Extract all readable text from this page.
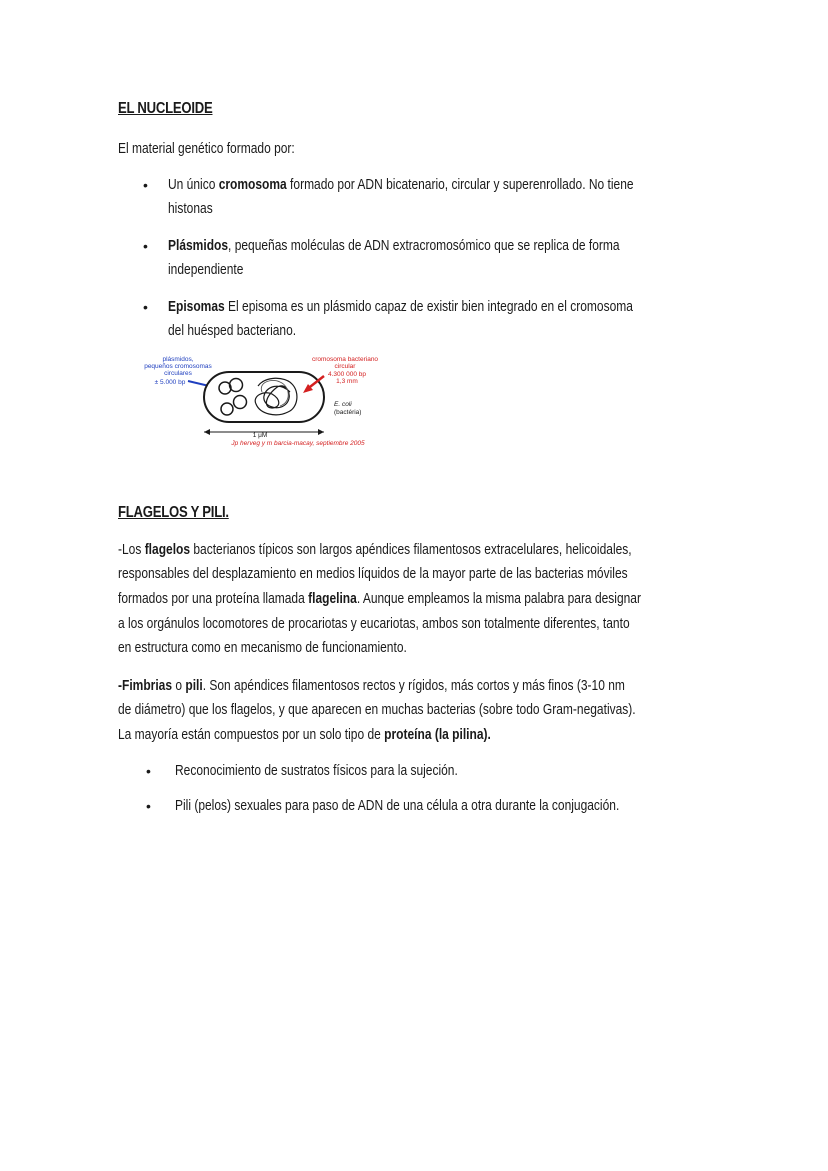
EL NUCLEOIDE
El material genético formado por:
• Un único cromosoma formado por ADN bicatenario, circular y superenrollado. No tiene
histonas
• Plásmidos, pequeñas moléculas de ADN extracromosómico que se replica de forma
independiente
• Episomas El episoma es un plásmido capaz de existir bien integrado en el cromosoma
del huésped bacteriano.
plásmidos,
pequeños cromosomas
circulares
± 5.000 bp
cromosoma bacteriano
circular
4.300 000 bp
1,3 mm
E. coli
(bactéria)
1 μM
Jp herveg y m barcia-macay, septiembre 2005
FLAGELOS Y PILI.
-Los flagelos bacterianos típicos son largos apéndices filamentosos extracelulares, helicoidales,
responsables del desplazamiento en medios líquidos de la mayor parte de las bacterias móviles
formados por una proteína llamada flagelina. Aunque empleamos la misma palabra para designar
a los orgánulos locomotores de procariotas y eucariotas, ambos son totalmente diferentes, tanto
en estructura como en mecanismo de funcionamiento.
-Fimbrias o pili. Son apéndices filamentosos rectos y rígidos, más cortos y más finos (3-10 nm
de diámetro) que los flagelos, y que aparecen en muchas bacterias (sobre todo Gram-negativas).
La mayoría están compuestos por un solo tipo de proteína (la pilina).
• Reconocimiento de sustratos físicos para la sujeción.
• Pili (pelos) sexuales para paso de ADN de una célula a otra durante la conjugación.
